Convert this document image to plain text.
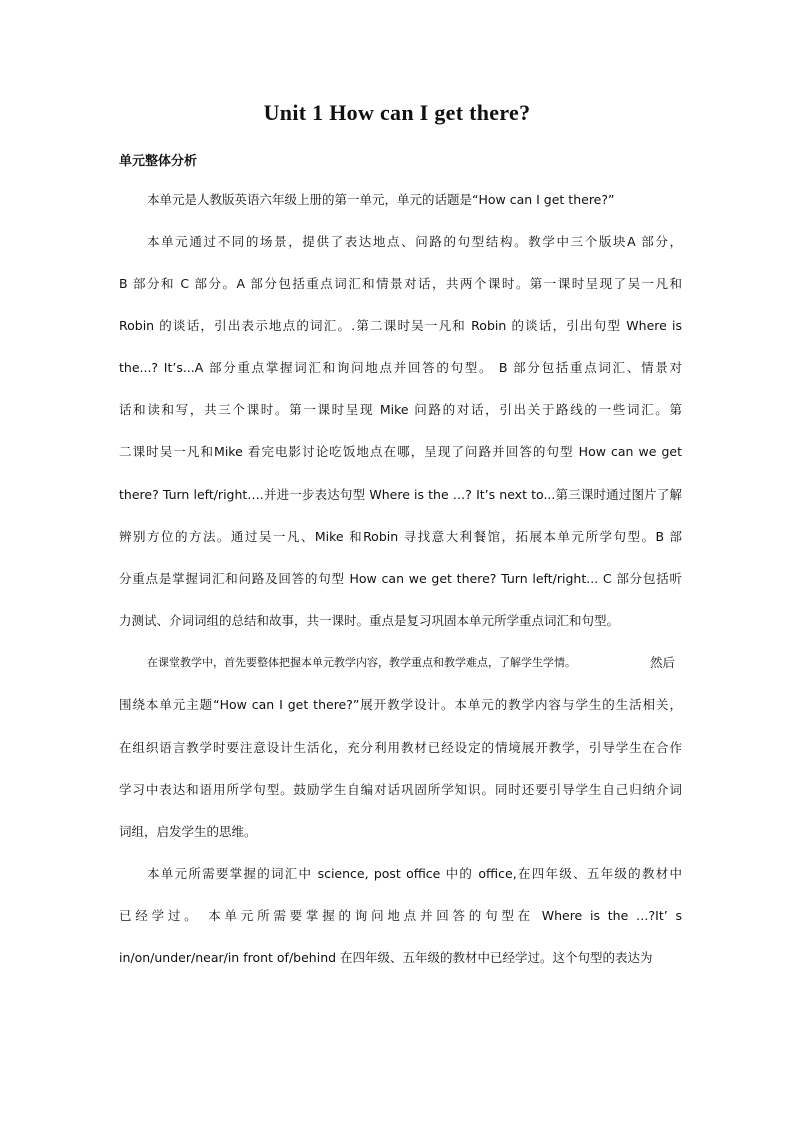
Unit 1 How can I get there?
单元整体分析
本单元是人教版英语六年级上册的第一单元，单元的话题是“How can I get there?”
本单元通过不同的场景，提供了表达地点、问路的句型结构。教学中三个版块A 部分，
B 部分和 C 部分。A 部分包括重点词汇和情景对话，共两个课时。第一课时呈现了吴一凡和
Robin 的谈话，引出表示地点的词汇。.第二课时吴一凡和 Robin 的谈话，引出句型 Where is
the...? It’s...A 部分重点掌握词汇和询问地点并回答的句型。 B 部分包括重点词汇、情景对
话和读和写，共三个课时。第一课时呈现 Mike 问路的对话，引出关于路线的一些词汇。第
二课时吴一凡和Mike 看完电影讨论吃饭地点在哪，呈现了问路并回答的句型 How can we get
there? Turn left/right….并进一步表达句型 Where is the …? It’s next to...第三课时通过图片了解
辨别方位的方法。通过吴一凡、Mike 和Robin 寻找意大利餐馆，拓展本单元所学句型。B 部
分重点是掌握词汇和问路及回答的句型 How can we get there? Turn left/right... C 部分包括听
力测试、介词词组的总结和故事，共一课时。重点是复习巩固本单元所学重点词汇和句型。
在课堂教学中，首先要整体把握本单元教学内容，教学重点和教学难点，了解学生学情。	然后
围绕本单元主题“How can I get there?”展开教学设计。本单元的教学内容与学生的生活相关，
在组织语言教学时要注意设计生活化，充分利用教材已经设定的情境展开教学，引导学生在合作
学习中表达和语用所学句型。鼓励学生自编对话巩固所学知识。同时还要引导学生自己归纳介词
词组，启发学生的思维。
本单元所需要掌握的词汇中 science, post office 中的 office,在四年级、五年级的教材中
已经学过。 本单元所需要掌握的询问地点并回答的句型在 Where is the …?It’ s
in/on/under/near/in front of/behind 在四年级、五年级的教材中已经学过。这个句型的表达为
